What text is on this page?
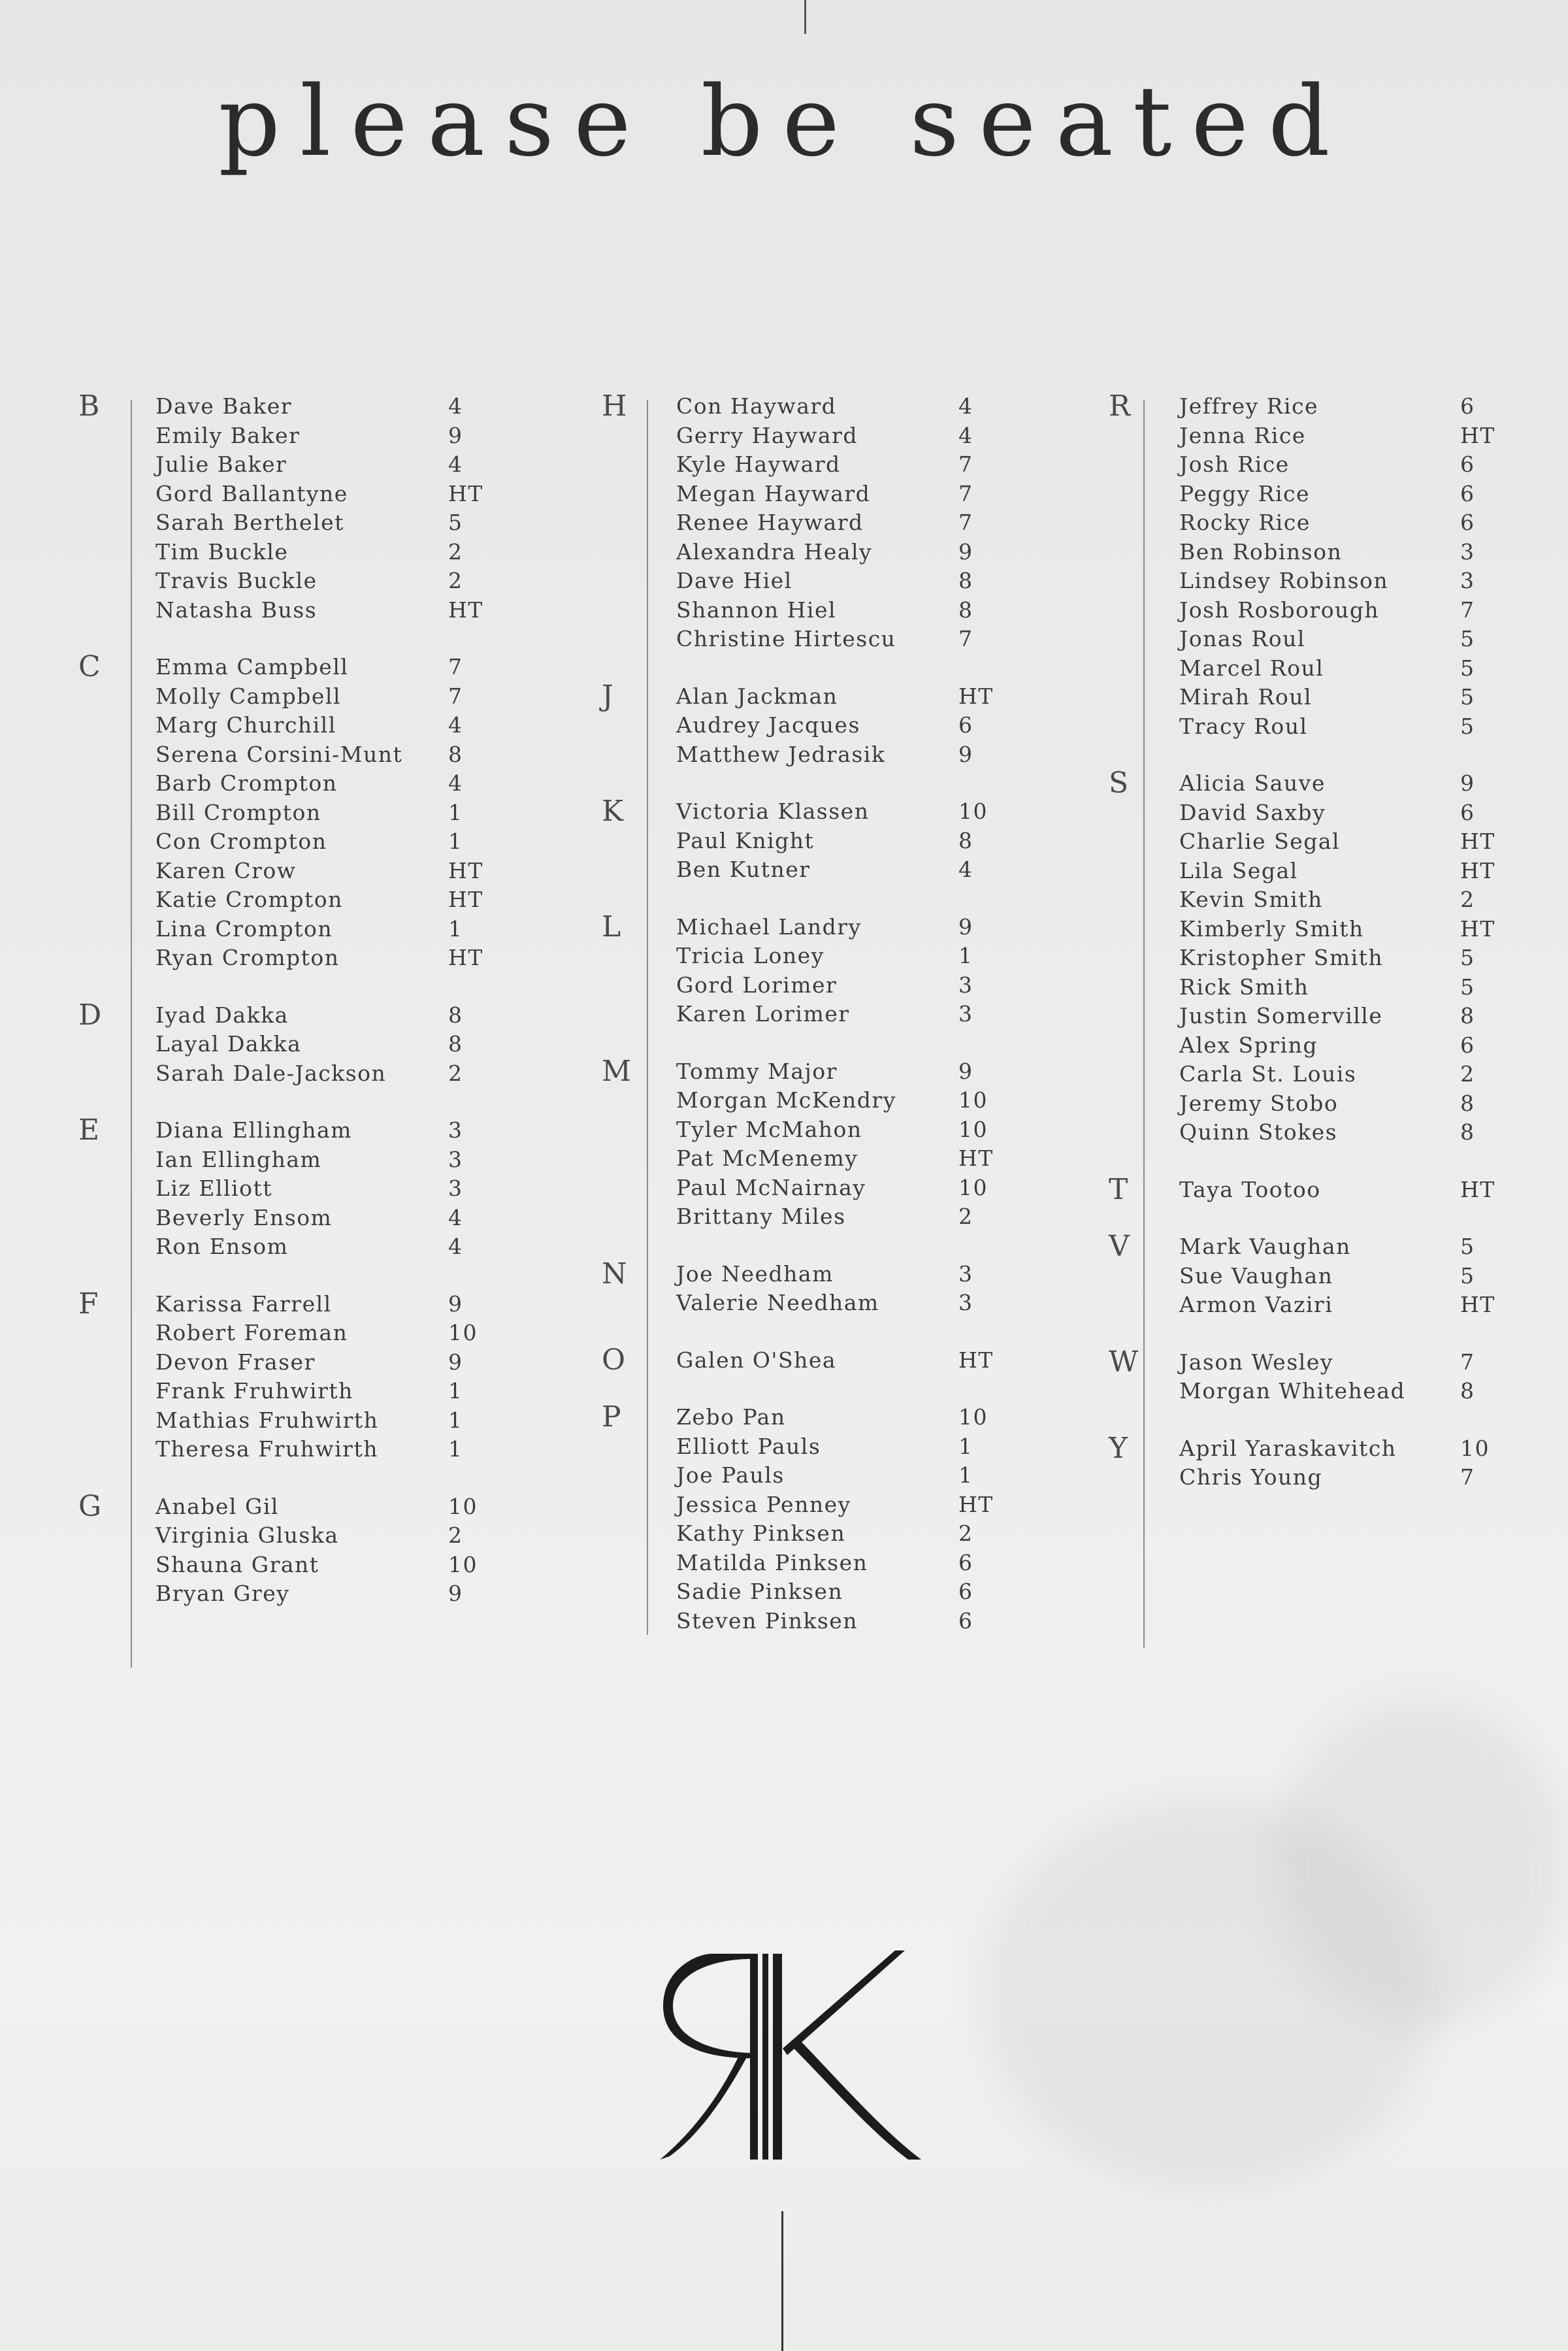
please be seated
B	Dave Baker	4
Emily Baker	9
Julie Baker	4
Gord Ballantyne	HT
Sarah Berthelet	5
Tim Buckle	2
Travis Buckle	2
Natasha Buss	HT
C	Emma Campbell	7
Molly Campbell	7
Marg Churchill	4
Serena Corsini-Munt 8
Barb Crompton	4
Bill Crompton	1
Con Crompton	1
Karen Crow	HT
Katie Crompton	HT
Lina Crompton	1
Ryan Crompton	HT
D	Iyad Dakka	8
Layal Dakka	8
Sarah Dale-Jackson	2
E	Diana Ellingham	3
Ian Ellingham	3
Liz Elliott	3
Beverly Ensom	4
Ron Ensom	4
F	Karissa Farrell	9
Robert Foreman	10
Devon Fraser	9
Frank Fruhwirth	1
Mathias Fruhwirth	1
Theresa Fruhwirth	1
G	Anabel Gil	10
Virginia Gluska	2
Shauna Grant	10
Bryan Grey	9
H	Con Hayward	4
Gerry Hayward	4
Kyle Hayward	7
Megan Hayward	7
Renee Hayward	7
Alexandra Healy	9
Dave Hiel	8
Shannon Hiel	8
Christine Hirtescu	7
J	Alan Jackman	HT
Audrey Jacques	6
Matthew Jedrasik	9
K	Victoria Klassen	10
Paul Knight	8
Ben Kutner	4
L	Michael Landry	9
Tricia Loney	1
Gord Lorimer	3
Karen Lorimer	3
M	Tommy Major	9
Morgan McKendry	10
Tyler McMahon	10
Pat McMenemy	HT
Paul McNairnay	10
Brittany Miles	2
N	Joe Needham	3
Valerie Needham	3
O	Galen O'Shea	HT
P	Zebo Pan	10
Elliott Pauls	1
Joe Pauls	1
Jessica Penney	HT
Kathy Pinksen	2
Matilda Pinksen	6
Sadie Pinksen	6
Steven Pinksen	6
R	Jeffrey Rice	6
Jenna Rice	HT
Josh Rice	6
Peggy Rice	6
Rocky Rice	6
Ben Robinson	3
Lindsey Robinson	3
Josh Rosborough	7
Jonas Roul	5
Marcel Roul	5
Mirah Roul	5
Tracy Roul	5
S	Alicia Sauve	9
David Saxby	6
Charlie Segal	HT
Lila Segal	HT
Kevin Smith	2
Kimberly Smith	HT
Kristopher Smith	5
Rick Smith	5
Justin Somerville	8
Alex Spring	6
Carla St. Louis	2
Jeremy Stobo	8
Quinn Stokes	8
T	Taya Tootoo	HT
V	Mark Vaughan	5
Sue Vaughan	5
Armon Vaziri	HT
W	Jason Wesley	7
Morgan Whitehead	8
Y	April Yaraskavitch	10
Chris Young	7
